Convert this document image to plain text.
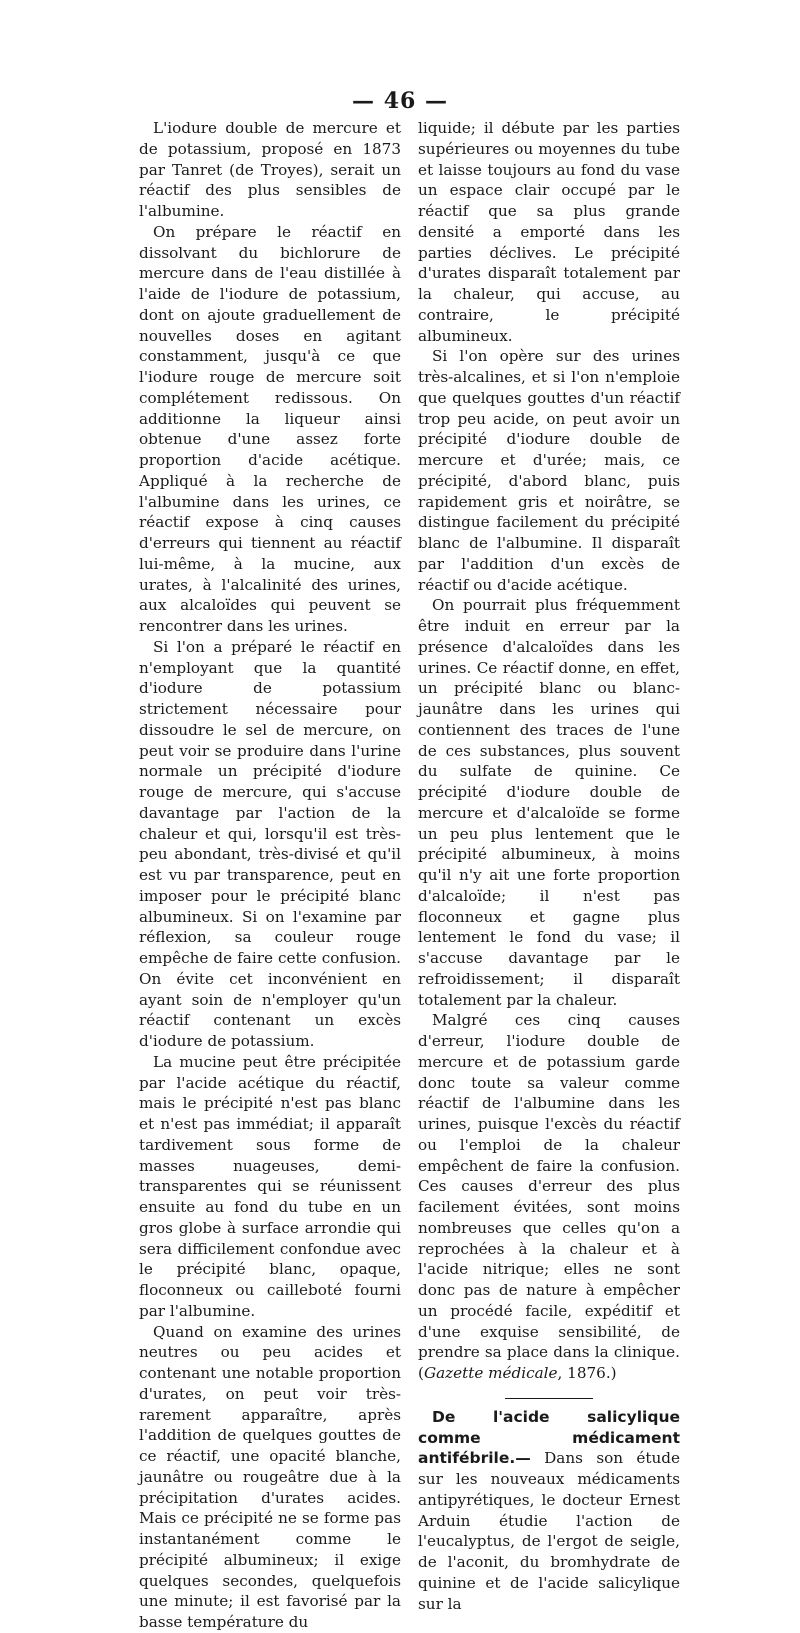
— 46 —

L'iodure double de mercure et de potassium, proposé en 1873 par Tanret (de Troyes), serait un réactif des plus sensibles de l'albumine.

On prépare le réactif en dissolvant du bichlorure de mercure dans de l'eau distillée à l'aide de l'iodure de potassium, dont on ajoute graduellement de nouvelles doses en agitant constamment, jusqu'à ce que l'iodure rouge de mercure soit complétement redissous. On additionne la liqueur ainsi obtenue d'une assez forte proportion d'acide acétique. Appliqué à la recherche de l'albumine dans les urines, ce réactif expose à cinq causes d'erreurs qui tiennent au réactif lui-même, à la mucine, aux urates, à l'alcalinité des urines, aux alcaloïdes qui peuvent se rencontrer dans les urines.

Si l'on a préparé le réactif en n'employant que la quantité d'iodure de potassium strictement nécessaire pour dissoudre le sel de mercure, on peut voir se produire dans l'urine normale un précipité d'iodure rouge de mercure, qui s'accuse davantage par l'action de la chaleur et qui, lorsqu'il est très-peu abondant, très-divisé et qu'il est vu par transparence, peut en imposer pour le précipité blanc albumineux. Si on l'examine par réflexion, sa couleur rouge empêche de faire cette confusion. On évite cet inconvénient en ayant soin de n'employer qu'un réactif contenant un excès d'iodure de potassium.

La mucine peut être précipitée par l'acide acétique du réactif, mais le précipité n'est pas blanc et n'est pas immédiat; il apparaît tardivement sous forme de masses nuageuses, demi-transparentes qui se réunissent ensuite au fond du tube en un gros globe à surface arrondie qui sera difficilement confondue avec le précipité blanc, opaque, floconneux ou cailleboté fourni par l'albumine.

Quand on examine des urines neutres ou peu acides et contenant une notable proportion d'urates, on peut voir très-rarement apparaître, après l'addition de quelques gouttes de ce réactif, une opacité blanche, jaunâtre ou rougeâtre due à la précipitation d'urates acides. Mais ce précipité ne se forme pas instantanément comme le précipité albumineux; il exige quelques secondes, quelquefois une minute; il est favorisé par la basse température du

liquide; il débute par les parties supérieures ou moyennes du tube et laisse toujours au fond du vase un espace clair occupé par le réactif que sa plus grande densité a emporté dans les parties déclives. Le précipité d'urates disparaît totalement par la chaleur, qui accuse, au contraire, le précipité albumineux.

Si l'on opère sur des urines très-alcalines, et si l'on n'emploie que quelques gouttes d'un réactif trop peu acide, on peut avoir un précipité d'iodure double de mercure et d'urée; mais, ce précipité, d'abord blanc, puis rapidement gris et noirâtre, se distingue facilement du précipité blanc de l'albumine. Il disparaît par l'addition d'un excès de réactif ou d'acide acétique.

On pourrait plus fréquemment être induit en erreur par la présence d'alcaloïdes dans les urines. Ce réactif donne, en effet, un précipité blanc ou blanc-jaunâtre dans les urines qui contiennent des traces de l'une de ces substances, plus souvent du sulfate de quinine. Ce précipité d'iodure double de mercure et d'alcaloïde se forme un peu plus lentement que le précipité albumineux, à moins qu'il n'y ait une forte proportion d'alcaloïde; il n'est pas floconneux et gagne plus lentement le fond du vase; il s'accuse davantage par le refroidissement; il disparaît totalement par la chaleur.

Malgré ces cinq causes d'erreur, l'iodure double de mercure et de potassium garde donc toute sa valeur comme réactif de l'albumine dans les urines, puisque l'excès du réactif ou l'emploi de la chaleur empêchent de faire la confusion. Ces causes d'erreur des plus facilement évitées, sont moins nombreuses que celles qu'on a reprochées à la chaleur et à l'acide nitrique; elles ne sont donc pas de nature à empêcher un procédé facile, expéditif et d'une exquise sensibilité, de prendre sa place dans la clinique. (Gazette médicale, 1876.)

De l'acide salicylique comme médicament antifébrile.— Dans son étude sur les nouveaux médicaments antipyrétiques, le docteur Ernest Arduin étudie l'action de l'eucalyptus, de l'ergot de seigle, de l'aconit, du bromhydrate de quinine et de l'acide salicylique sur la
